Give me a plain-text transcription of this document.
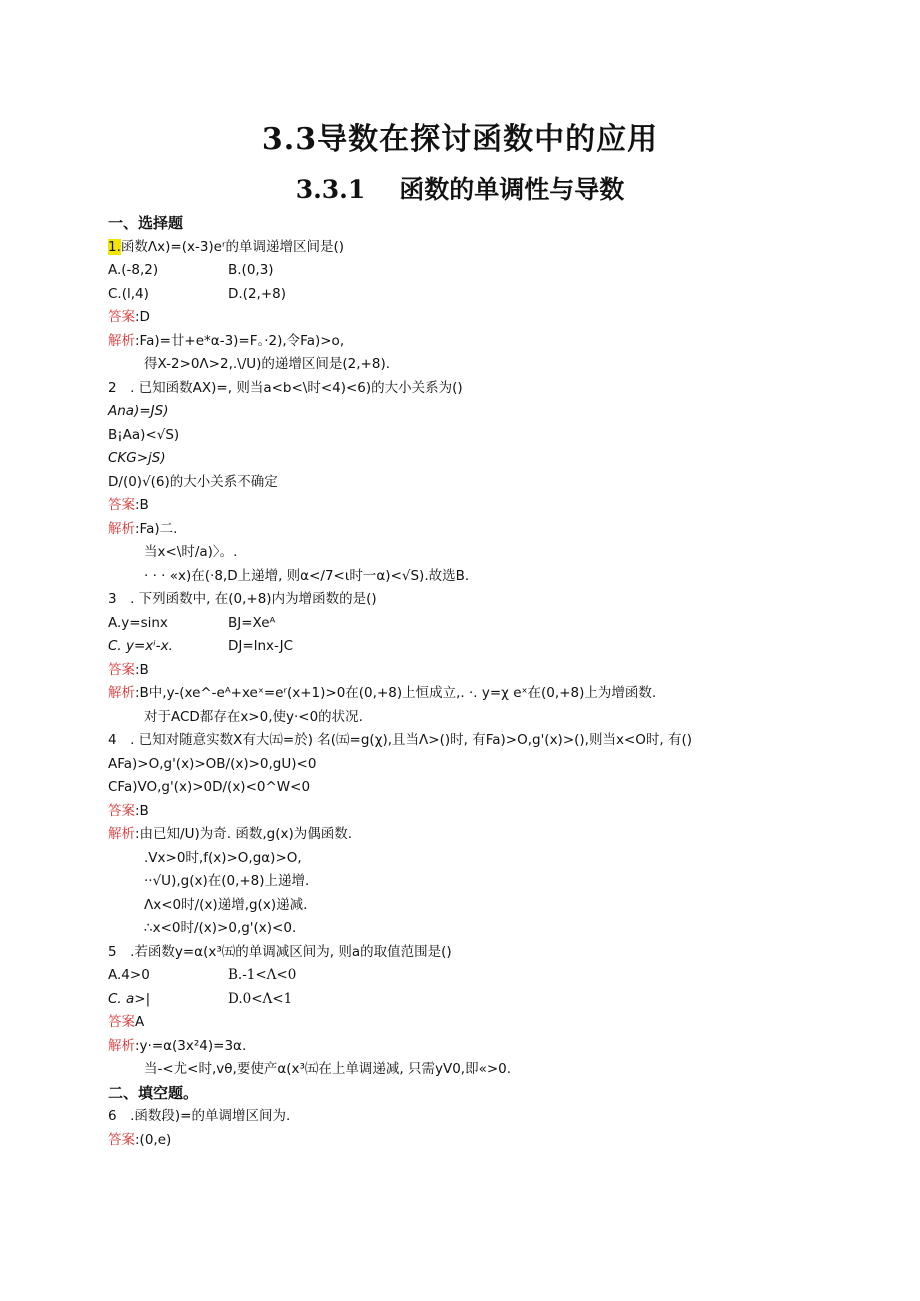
3.3导数在探讨函数中的应用
3.3.1 函数的单调性与导数
一、选择题
1.函数Λx)=(x-3)eʳ的单调递增区间是()
A.(-8,2)	B.(0,3)
C.(l,4)	D.(2,+8)
答案:D
解析:Fa)=廿+e*α-3)=F。·2),令Fa)>o,
得X-2>0Λ>2,.\/U)的递增区间是(2,+8).
2　. 已知函数AX)=, 则当a<b<\时<4)<6)的大小关系为()
Ana)=JS)
B¡Aa)<√S)
CKG>jS)
D∕(0)√(6)的大小关系不确定
答案:B
解析:Fa)二.
当x<\时/a)〉。.
· · · «x)在(·8,D上递增, 则α</7<ι时一α)<√S).故选B.
3　. 下列函数中, 在(0,+8)内为增函数的是()
A.y=sinx	BJ=Xeᴬ
C. y=xⁱ-x.	DJ=lnx-JC
答案:B
解析:B中,y-(xe^-eᴬ+xeˣ=eʳ(x+1)>0在(0,+8)上恒成立,. ·. y=χ eˣ在(0,+8)上为增函数.
对于ACD都存在x>0,使y·<0的状况.
4　. 已知对随意实数X有大㈤=於) 名(㈤=g(χ),且当Λ>()时, 有Fa)>O,g'(x)>(),则当x<O时, 有()
AFa)>O,g'(x)>OB∕(x)>0,gU)<0
CFa)VO,g'(x)>0D∕(x)<0^W<0
答案:B
解析:由已知∕U)为奇. 函数,g(x)为偶函数.
.Vx>0时,f(x)>O,gα)>O,
··√U),g(x)在(0,+8)上递增.
Λx<0时∕(x)递增,g(x)递减.
∴x<0时/(x)>0,g'(x)<0.
5　.若函数y=α(x³㈤的单调减区间为, 则a的取值范围是()
A.4>0	B.-1<Λ<0
C. a>|	D.0<Λ<1
答案A
解析:y·=α(3x²4)=3α.
当-<尤<时,vθ,要使产α(x³㈤在上单调递减, 只需yV0,即«>0.
二、填空题。
6　.函数段)=的单调增区间为.
答案:(0,e)
